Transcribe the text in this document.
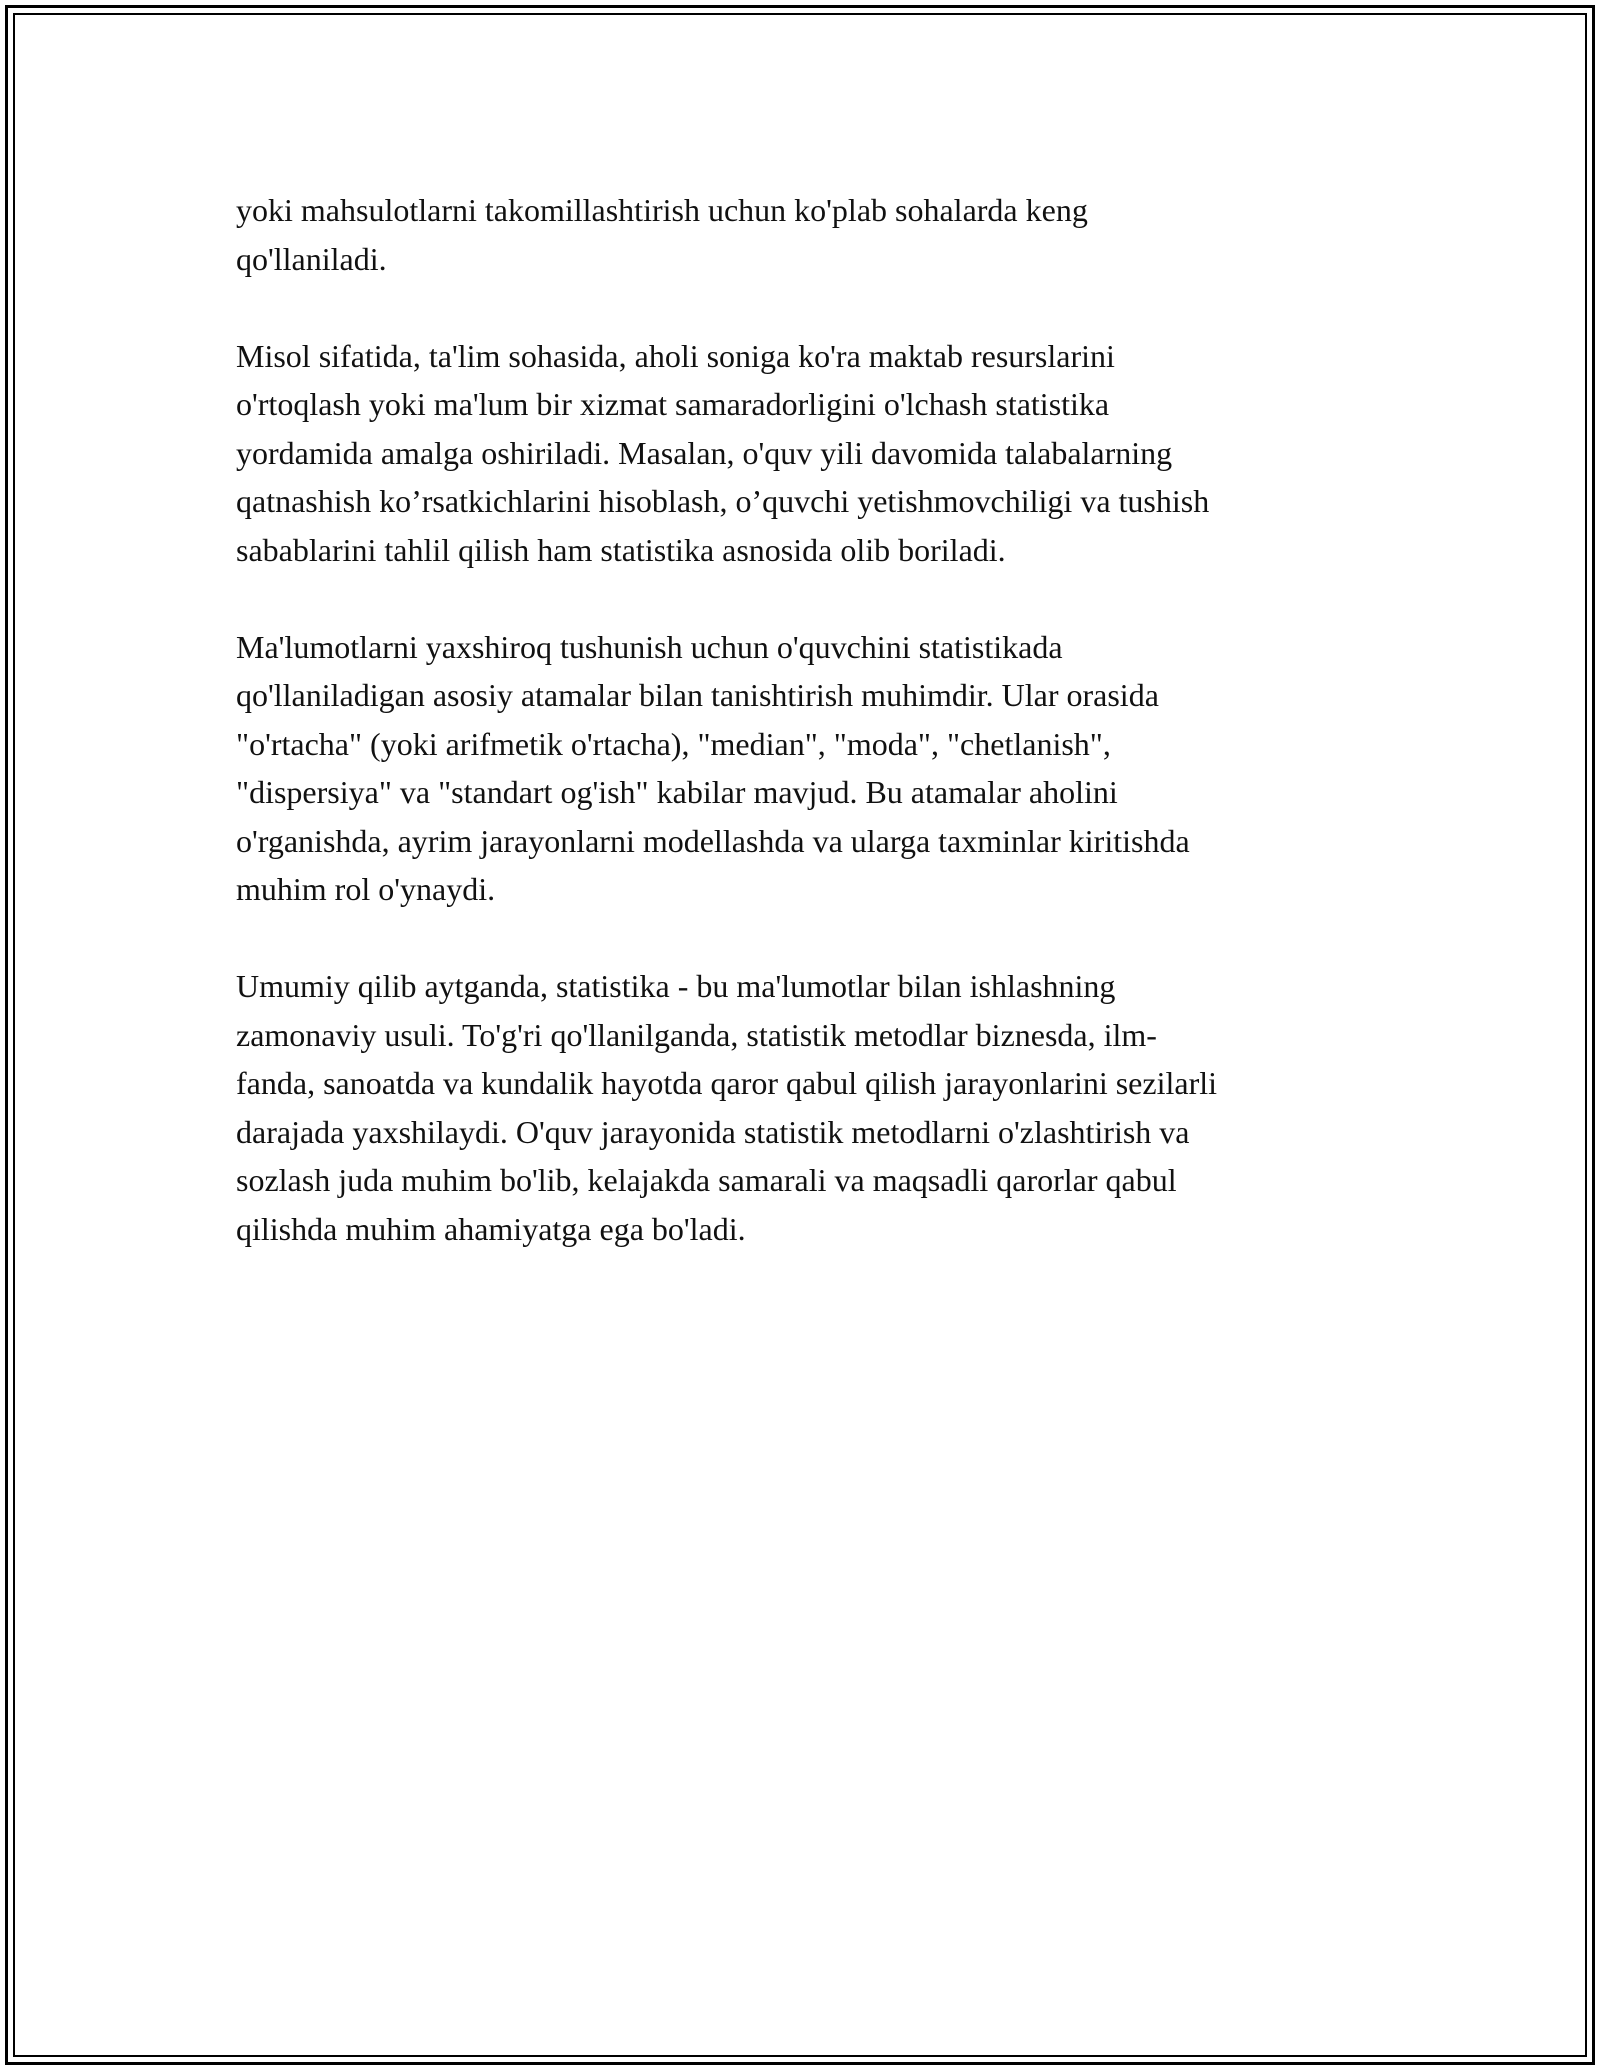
yoki mahsulotlarni takomillashtirish uchun ko'plab sohalarda keng
qo'llaniladi.

Misol sifatida, ta'lim sohasida, aholi soniga ko'ra maktab resurslarini
o'rtoqlash yoki ma'lum bir xizmat samaradorligini o'lchash statistika
yordamida amalga oshiriladi. Masalan, o'quv yili davomida talabalarning
qatnashish ko’rsatkichlarini hisoblash, o’quvchi yetishmovchiligi va tushish
sabablarini tahlil qilish ham statistika asnosida olib boriladi.

Ma'lumotlarni yaxshiroq tushunish uchun o'quvchini statistikada
qo'llaniladigan asosiy atamalar bilan tanishtirish muhimdir. Ular orasida
"o'rtacha" (yoki arifmetik o'rtacha), "median", "moda", "chetlanish",
"dispersiya" va "standart og'ish" kabilar mavjud. Bu atamalar aholini
o'rganishda, ayrim jarayonlarni modellashda va ularga taxminlar kiritishda
muhim rol o'ynaydi.

Umumiy qilib aytganda, statistika - bu ma'lumotlar bilan ishlashning
zamonaviy usuli. To'g'ri qo'llanilganda, statistik metodlar biznesda, ilm-
fanda, sanoatda va kundalik hayotda qaror qabul qilish jarayonlarini sezilarli
darajada yaxshilaydi. O'quv jarayonida statistik metodlarni o'zlashtirish va
sozlash juda muhim bo'lib, kelajakda samarali va maqsadli qarorlar qabul
qilishda muhim ahamiyatga ega bo'ladi.
